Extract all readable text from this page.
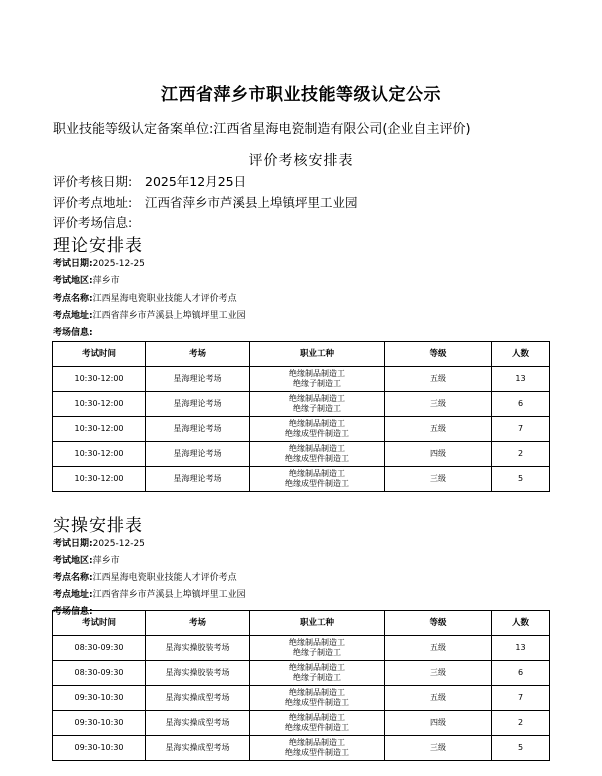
江西省萍乡市职业技能等级认定公示
职业技能等级认定备案单位:江西省星海电瓷制造有限公司(企业自主评价)
评价考核安排表
评价考核日期: 2025年12月25日
评价考点地址: 江西省萍乡市芦溪县上埠镇坪里工业园
评价考场信息:
理论安排表
考试日期:2025-12-25
考试地区:萍乡市
考点名称:江西星海电瓷职业技能人才评价考点
考点地址:江西省萍乡市芦溪县上埠镇坪里工业园
考场信息:
考试时间	考场	职业工种	等级	人数
10:30-12:00	星海理论考场	绝缘制品制造工
绝缘子制造工	五级	13
10:30-12:00	星海理论考场	绝缘制品制造工
绝缘子制造工	三级	6
10:30-12:00	星海理论考场	绝缘制品制造工
绝缘成型件制造工	五级	7
10:30-12:00	星海理论考场	绝缘制品制造工
绝缘成型件制造工	四级	2
10:30-12:00	星海理论考场	绝缘制品制造工
绝缘成型件制造工	三级	5
实操安排表
考试日期:2025-12-25
考试地区:萍乡市
考点名称:江西星海电瓷职业技能人才评价考点
考点地址:江西省萍乡市芦溪县上埠镇坪里工业园
考场信息:
考试时间	考场	职业工种	等级	人数
08:30-09:30	星海实操胶装考场	绝缘制品制造工
绝缘子制造工	五级	13
08:30-09:30	星海实操胶装考场	绝缘制品制造工
绝缘子制造工	三级	6
09:30-10:30	星海实操成型考场	绝缘制品制造工
绝缘成型件制造工	五级	7
09:30-10:30	星海实操成型考场	绝缘制品制造工
绝缘成型件制造工	四级	2
09:30-10:30	星海实操成型考场	绝缘制品制造工
绝缘成型件制造工	三级	5
